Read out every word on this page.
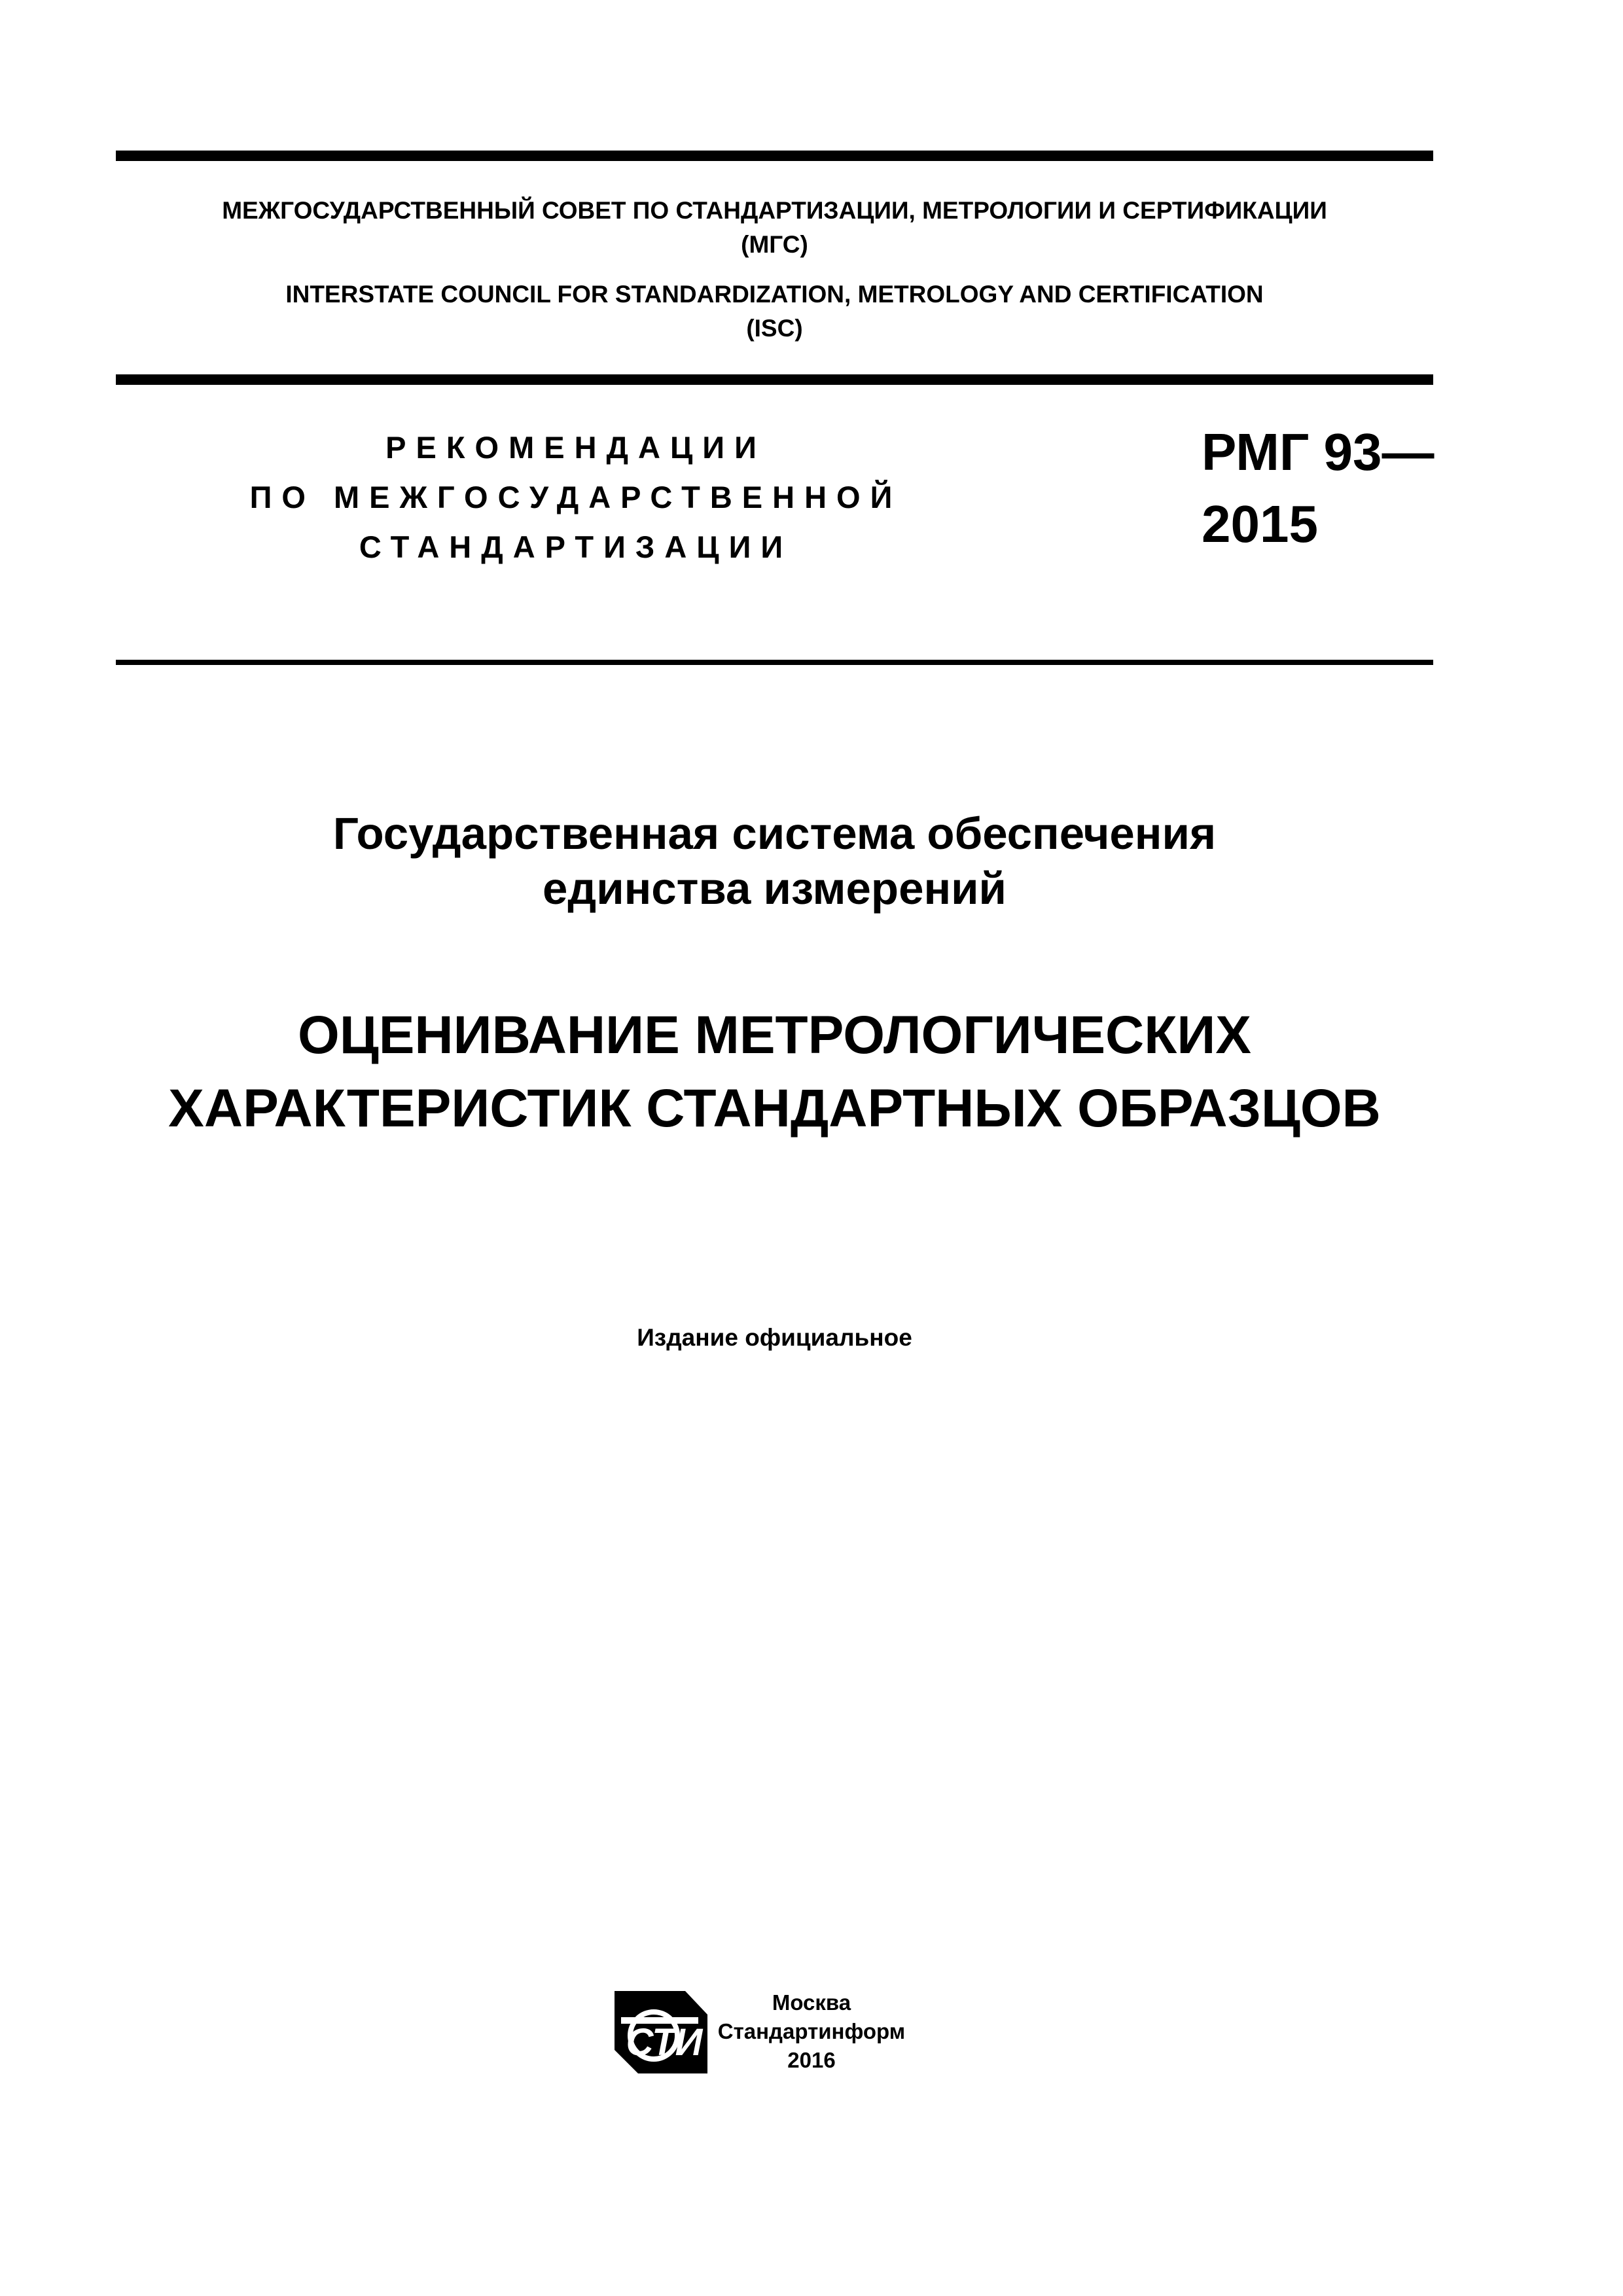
МЕЖГОСУДАРСТВЕННЫЙ СОВЕТ ПО СТАНДАРТИЗАЦИИ, МЕТРОЛОГИИ И СЕРТИФИКАЦИИ
(МГС)
INTERSTATE COUNCIL FOR STANDARDIZATION, METROLOGY AND CERTIFICATION
(ISC)
РЕКОМЕНДАЦИИ
ПО МЕЖГОСУДАРСТВЕННОЙ
СТАНДАРТИЗАЦИИ
РМГ 93—
2015
Государственная система обеспечения
единства измерений
ОЦЕНИВАНИЕ МЕТРОЛОГИЧЕСКИХ
ХАРАКТЕРИСТИК СТАНДАРТНЫХ ОБРАЗЦОВ
Издание официальное
СТИ
Москва
Стандартинформ
2016
